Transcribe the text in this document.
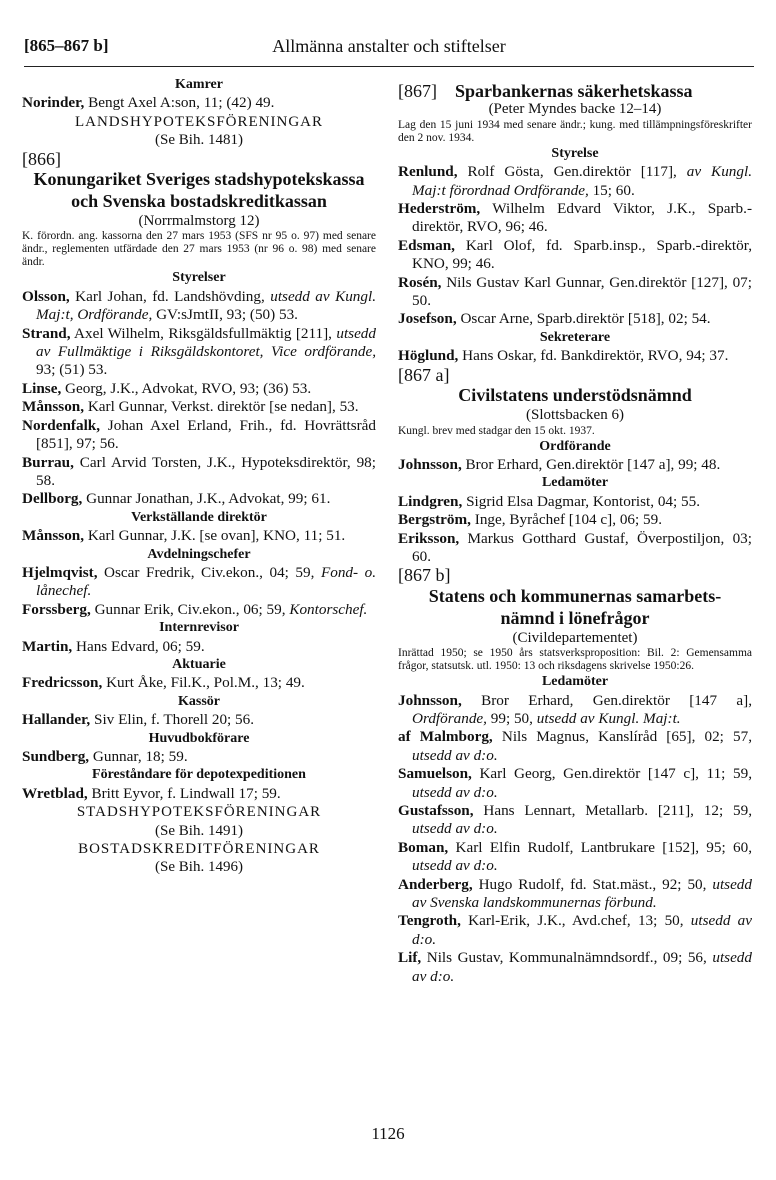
[865–867 b]	Allmänna anstalter och stiftelser

Kamrer

Norinder, Bengt Axel A:son, 11; (42) 49.

LANDSHYPOTEKSFÖRENINGAR

(Se Bih. 1481)

[866]

Konungariket Sveriges stadshypotekskassa
och Svenska bostadskreditkassan

(Norrmalmstorg 12)

K. förordn. ang. kassorna den 27 mars 1953 (SFS nr 95 o. 97) med senare ändr., reglementen utfärdade den 27 mars 1953 (nr 96 o. 98) med senare ändr.

Styrelser

Olsson, Karl Johan, fd. Landshövding, utsedd av Kungl. Maj:t, Ordförande, GV:sJmtII, 93; (50) 53.

Strand, Axel Wilhelm, Riksgäldsfullmäktig [211], utsedd av Fullmäktige i Riksgäldskontoret, Vice ordförande, 93; (51) 53.

Linse, Georg, J.K., Advokat, RVO, 93; (36) 53.

Månsson, Karl Gunnar, Verkst. direktör [se nedan], 53.

Nordenfalk, Johan Axel Erland, Frih., fd. Hovrättsråd [851], 97; 56.

Burrau, Carl Arvid Torsten, J.K., Hypoteksdirektör, 98; 58.

Dellborg, Gunnar Jonathan, J.K., Advokat, 99; 61.

Verkställande direktör

Månsson, Karl Gunnar, J.K. [se ovan], KNO, 11; 51.

Avdelningschefer

Hjelmqvist, Oscar Fredrik, Civ.ekon., 04; 59, Fond- o. lånechef.

Forssberg, Gunnar Erik, Civ.ekon., 06; 59, Kontorschef.

Internrevisor

Martin, Hans Edvard, 06; 59.

Aktuarie

Fredricsson, Kurt Åke, Fil.K., Pol.M., 13; 49.

Kassör

Hallander, Siv Elin, f. Thorell 20; 56.

Huvudbokförare

Sundberg, Gunnar, 18; 59.

Föreståndare för depotexpeditionen

Wretblad, Britt Eyvor, f. Lindwall 17; 59.

STADSHYPOTEKSFÖRENINGAR

(Se Bih. 1491)

BOSTADSKREDITFÖRENINGAR

(Se Bih. 1496)

[867] Sparbankernas säkerhetskassa

(Peter Myndes backe 12–14)

Lag den 15 juni 1934 med senare ändr.; kung. med tillämpningsföreskrifter den 2 nov. 1934.

Styrelse

Renlund, Rolf Gösta, Gen.direktör [117], av Kungl. Maj:t förordnad Ordförande, 15; 60.

Hederström, Wilhelm Edvard Viktor, J.K., Sparb.-direktör, RVO, 96; 46.

Edsman, Karl Olof, fd. Sparb.insp., Sparb.-direktör, KNO, 99; 46.

Rosén, Nils Gustav Karl Gunnar, Gen.direktör [127], 07; 50.

Josefson, Oscar Arne, Sparb.direktör [518], 02; 54.

Sekreterare

Höglund, Hans Oskar, fd. Bankdirektör, RVO, 94; 37.

[867 a]

Civilstatens understödsnämnd

(Slottsbacken 6)

Kungl. brev med stadgar den 15 okt. 1937.

Ordförande

Johnsson, Bror Erhard, Gen.direktör [147 a], 99; 48.

Ledamöter

Lindgren, Sigrid Elsa Dagmar, Kontorist, 04; 55.

Bergström, Inge, Byråchef [104 c], 06; 59.

Eriksson, Markus Gotthard Gustaf, Överpostiljon, 03; 60.

[867 b]

Statens och kommunernas samarbets-
nämnd i lönefrågor

(Civildepartementet)

Inrättad 1950; se 1950 års statsverksproposition: Bil. 2: Gemensamma frågor, statsutsk. utl. 1950: 13 och riksdagens skrivelse 1950:26.

Ledamöter

Johnsson, Bror Erhard, Gen.direktör [147 a], Ordförande, 99; 50, utsedd av Kungl. Maj:t.

af Malmborg, Nils Magnus, Kanslíråd [65], 02; 57, utsedd av d:o.

Samuelson, Karl Georg, Gen.direktör [147 c], 11; 59, utsedd av d:o.

Gustafsson, Hans Lennart, Metallarb. [211], 12; 59, utsedd av d:o.

Boman, Karl Elfin Rudolf, Lantbrukare [152], 95; 60, utsedd av d:o.

Anderberg, Hugo Rudolf, fd. Stat.mäst., 92; 50, utsedd av Svenska landskommunernas förbund.

Tengroth, Karl-Erik, J.K., Avd.chef, 13; 50, utsedd av d:o.

Lif, Nils Gustav, Kommunalnämndsordf., 09; 56, utsedd av d:o.

1126
